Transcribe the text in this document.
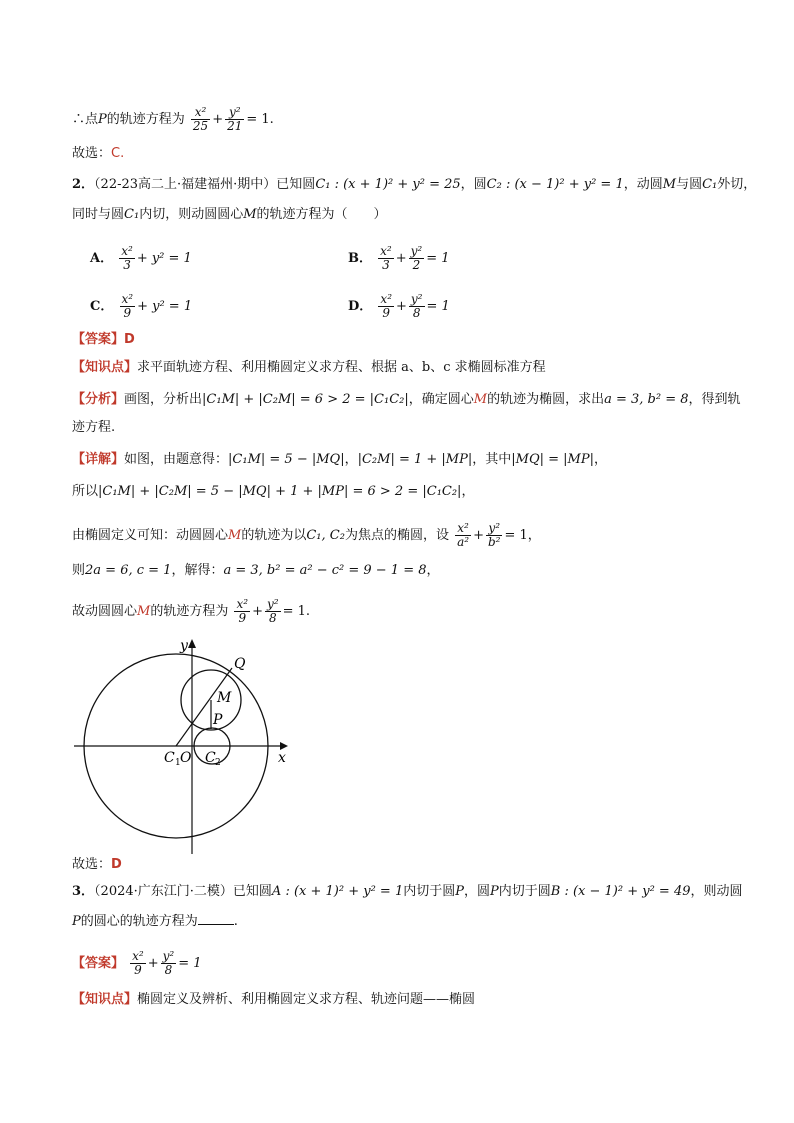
∴点P的轨迹方程为 $\frac{\text{x²}}{25} + \frac{\text{y²}}{21} = 1$.
故选：C.
2．（22-23高二上·福建福州·期中）已知圆C₁ : (x + 1)² + y² = 25，圆C₂ : (x − 1)² + y² = 1，动圆M与圆C₁外切，
同时与圆C₁内切，则动圆圆心M的轨迹方程为（　　）
A． $\frac{\text{x²}}{3} + y^2 = 1$	B． $\frac{\text{x²}}{3} + \frac{\text{y²}}{2} = 1$
C． $\frac{\text{x²}}{9} + y^2 = 1$	D． $\frac{\text{x²}}{9} + \frac{\text{y²}}{8} = 1$
【答案】D
【知识点】求平面轨迹方程、利用椭圆定义求方程、根据 a、b、c 求椭圆标准方程
【分析】画图，分析出|C₁M| + |C₂M| = 6 > 2 = |C₁C₂|，确定圆心M的轨迹为椭圆，求出a = 3, b² = 8，得到轨
迹方程.
【详解】如图，由题意得：|C₁M| = 5 − |MQ|，|C₂M| = 1 + |MP|，其中|MQ| = |MP|，
所以|C₁M| + |C₂M| = 5 − |MQ| + 1 + |MP| = 6 > 2 = |C₁C₂|，
由椭圆定义可知：动圆圆心M的轨迹为以C₁, C₂为焦点的椭圆，设 $\frac{\text{x²}}{\text{a²}} + \frac{\text{y²}}{\text{b²}} = 1$，
则2a = 6, c = 1，解得：a = 3, b² = a² − c² = 9 − 1 = 8，
故动圆圆心M的轨迹方程为 $\frac{\text{x²}}{9} + \frac{\text{y²}}{8} = 1$.
y
x
Q
M
P
C 1 O C 2
故选：D
3．（2024·广东江门·二模）已知圆A : (x + 1)² + y² = 1内切于圆P，圆P内切于圆B : (x − 1)² + y² = 49，则动圆
P的圆心的轨迹方程为	.
【答案】 $\frac{\text{x²}}{9} + \frac{\text{y²}}{8} = 1$
【知识点】椭圆定义及辨析、利用椭圆定义求方程、轨迹问题——椭圆
